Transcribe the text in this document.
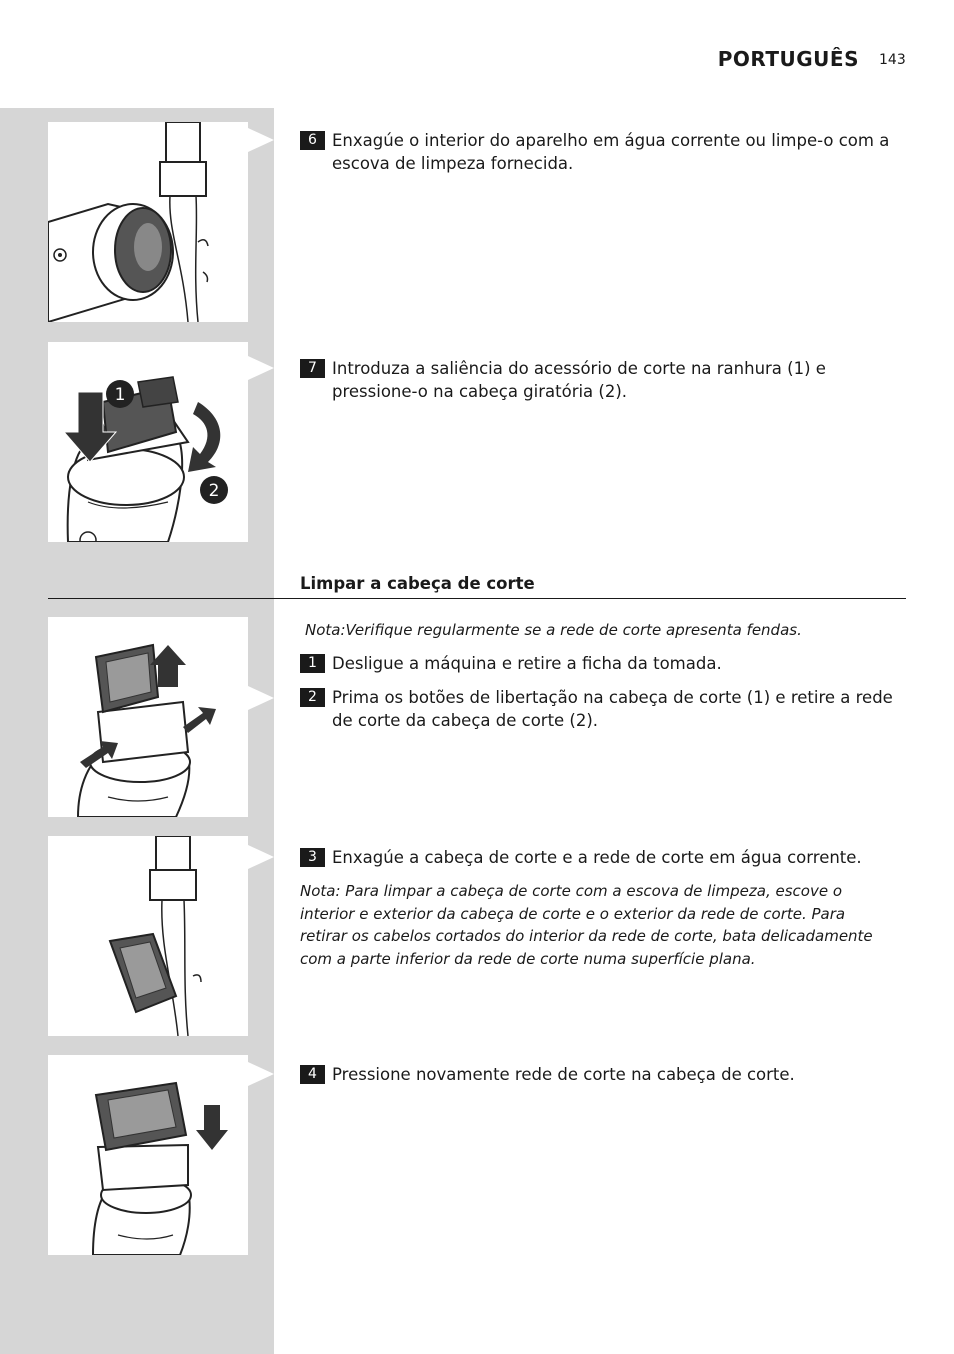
PORTUGUÊS 143
6 Enxagúe o interior do aparelho em água corrente ou limpe-o com a escova de limpeza fornecida.
1
2
7 Introduza a saliência do acessório de corte na ranhura (1) e pressione-o na cabeça giratória (2).
Limpar a cabeça de corte
Nota:Verifique regularmente se a rede de corte apresenta fendas.
1 Desligue a máquina e retire a ficha da tomada.
2 Prima os botões de libertação na cabeça de corte (1) e retire a rede de corte da cabeça de corte (2).
3 Enxagúe a cabeça de corte e a rede de corte em água corrente.
Nota: Para limpar a cabeça de corte com a escova de limpeza, escove o interior e exterior da cabeça de corte e o exterior da rede de corte. Para retirar os cabelos cortados do interior da rede de corte, bata delicadamente com a parte inferior da rede de corte numa superfície plana.
4 Pressione novamente rede de corte na cabeça de corte.
